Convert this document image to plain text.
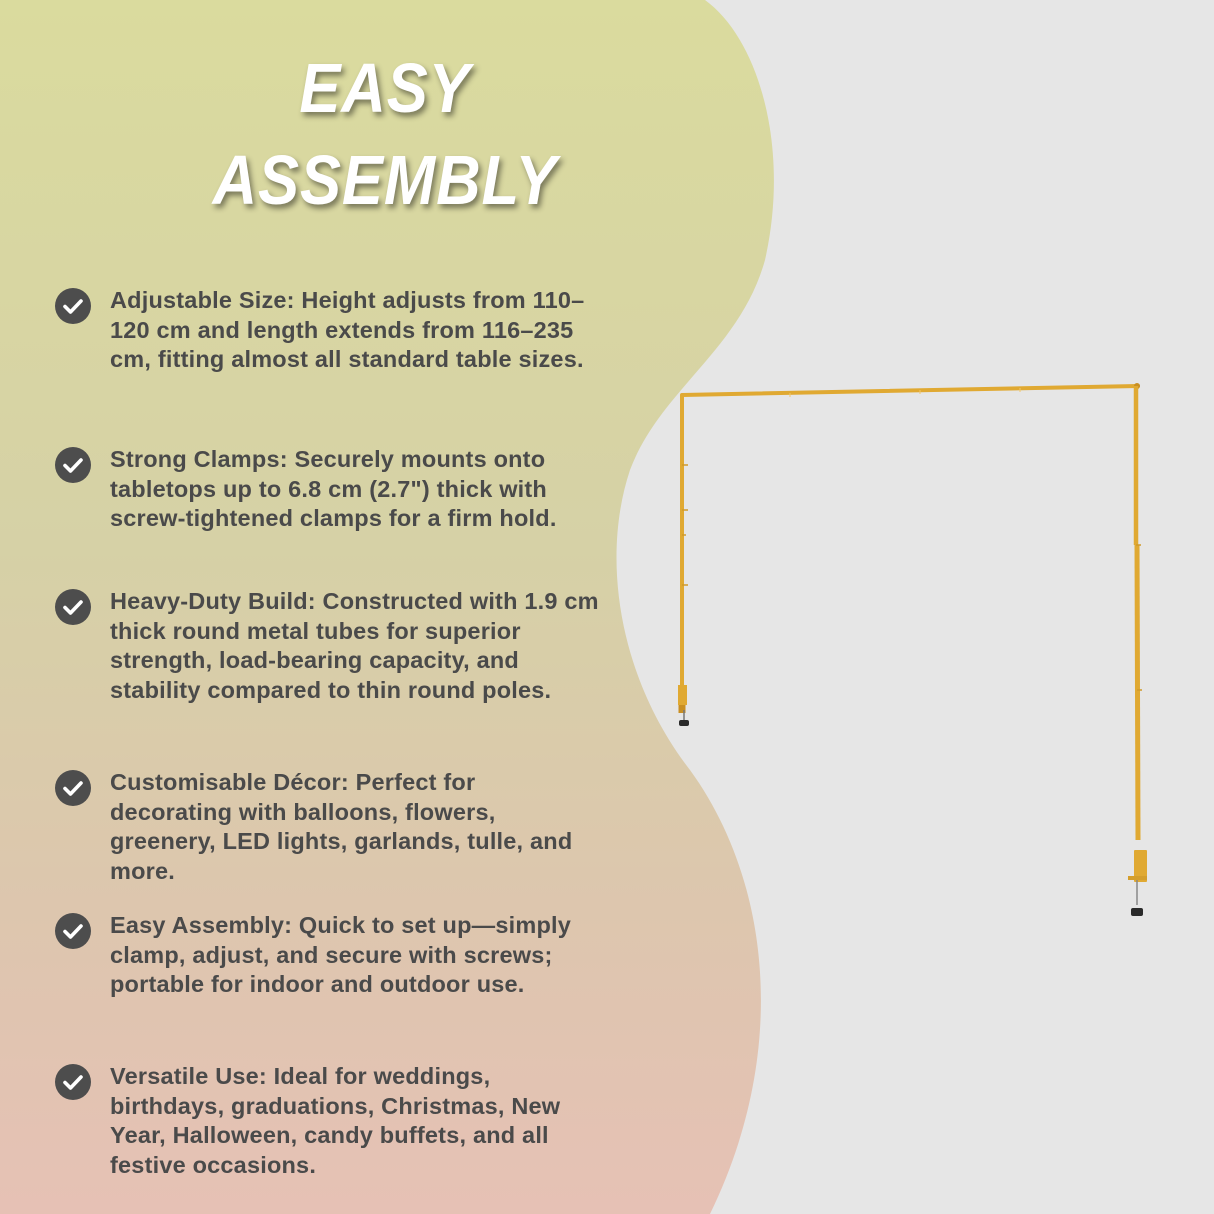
EASY
ASSEMBLY
Adjustable Size: Height adjusts from 110–120 cm and length extends from 116–235 cm, fitting almost all standard table sizes.
Strong Clamps: Securely mounts onto tabletops up to 6.8 cm (2.7") thick with screw-tightened clamps for a firm hold.
Heavy-Duty Build: Constructed with 1.9 cm thick round metal tubes for superior strength, load-bearing capacity, and stability compared to thin round poles.
Customisable Décor: Perfect for decorating with balloons, flowers, greenery, LED lights, garlands, tulle, and more.
Easy Assembly: Quick to set up—simply clamp, adjust, and secure with screws; portable for indoor and outdoor use.
Versatile Use: Ideal for weddings, birthdays, graduations, Christmas, New Year, Halloween, candy buffets, and all festive occasions.
